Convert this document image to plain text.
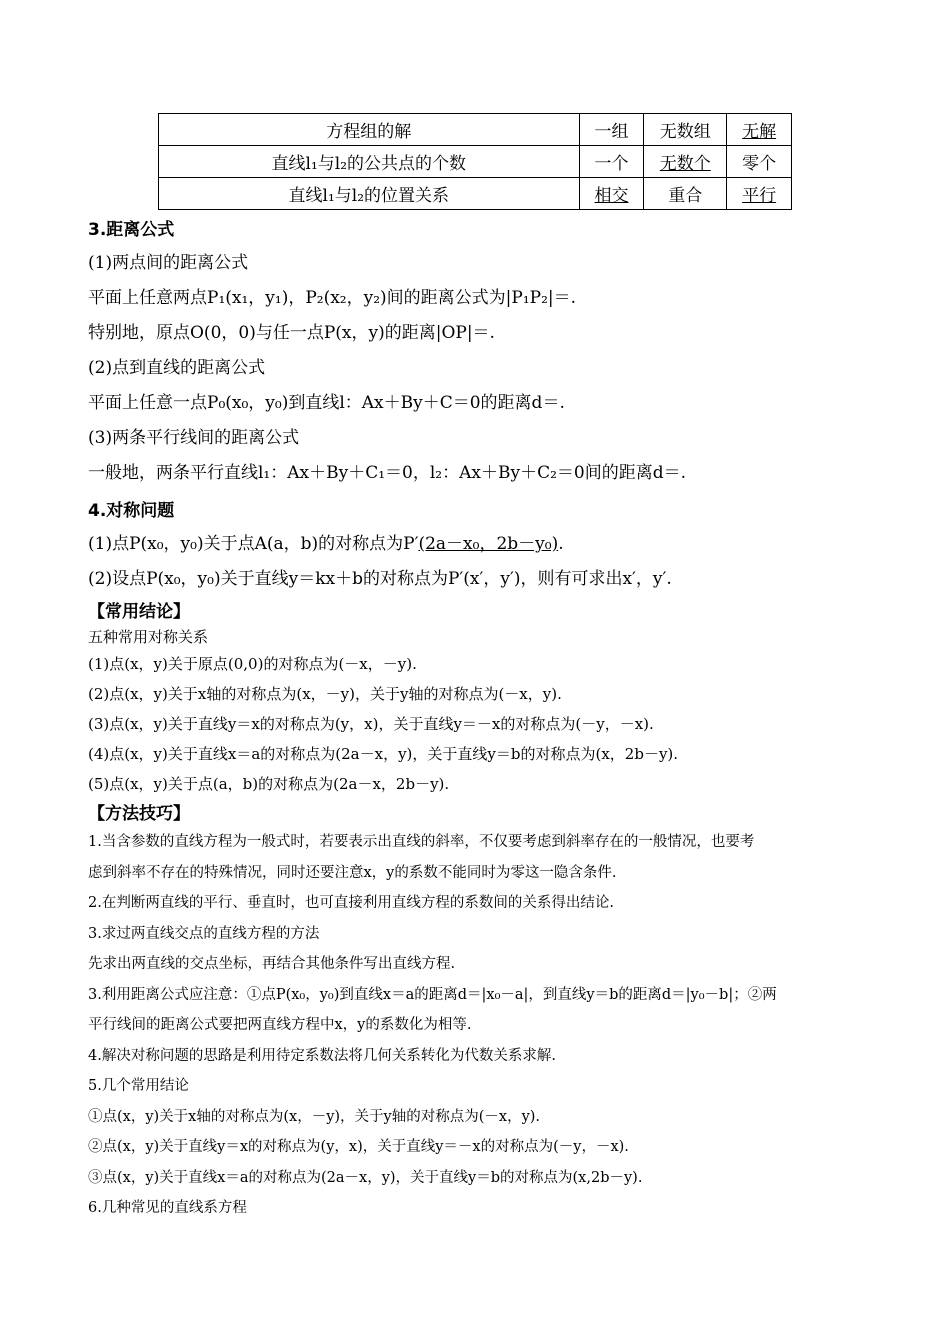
方程组的解	一组	无数组	无解
直线l₁与l₂的公共点的个数	一个	无数个	零个
直线l₁与l₂的位置关系	相交	重合	平行
3.距离公式

(1)两点间的距离公式

平面上任意两点P₁(x₁，y₁)，P₂(x₂，y₂)间的距离公式为|P₁P₂|＝.

特别地，原点O(0，0)与任一点P(x，y)的距离|OP|＝.

(2)点到直线的距离公式

平面上任意一点P₀(x₀，y₀)到直线l：Ax＋By＋C＝0的距离d＝.

(3)两条平行线间的距离公式

一般地，两条平行直线l₁：Ax＋By＋C₁＝0，l₂：Ax＋By＋C₂＝0间的距离d＝.

4.对称问题

(1)点P(x₀，y₀)关于点A(a，b)的对称点为P′(2a－x₀，2b－y₀).

(2)设点P(x₀，y₀)关于直线y＝kx＋b的对称点为P′(x′，y′)，则有可求出x′，y′.

【常用结论】

五种常用对称关系

(1)点(x，y)关于原点(0,0)的对称点为(－x，－y).

(2)点(x，y)关于x轴的对称点为(x，－y)，关于y轴的对称点为(－x，y).

(3)点(x，y)关于直线y＝x的对称点为(y，x)，关于直线y＝－x的对称点为(－y，－x).

(4)点(x，y)关于直线x＝a的对称点为(2a－x，y)，关于直线y＝b的对称点为(x，2b－y).

(5)点(x，y)关于点(a，b)的对称点为(2a－x，2b－y).

【方法技巧】

1.当含参数的直线方程为一般式时，若要表示出直线的斜率，不仅要考虑到斜率存在的一般情况，也要考

虑到斜率不存在的特殊情况，同时还要注意x，y的系数不能同时为零这一隐含条件.

2.在判断两直线的平行、垂直时，也可直接利用直线方程的系数间的关系得出结论.

3.求过两直线交点的直线方程的方法

先求出两直线的交点坐标，再结合其他条件写出直线方程.

3.利用距离公式应注意：①点P(x₀，y₀)到直线x＝a的距离d＝|x₀－a|，到直线y＝b的距离d＝|y₀－b|；②两

平行线间的距离公式要把两直线方程中x，y的系数化为相等.

4.解决对称问题的思路是利用待定系数法将几何关系转化为代数关系求解.

5.几个常用结论

①点(x，y)关于x轴的对称点为(x，－y)，关于y轴的对称点为(－x，y).

②点(x，y)关于直线y＝x的对称点为(y，x)，关于直线y＝－x的对称点为(－y，－x).

③点(x，y)关于直线x＝a的对称点为(2a－x，y)，关于直线y＝b的对称点为(x,2b－y).

6.几种常见的直线系方程
